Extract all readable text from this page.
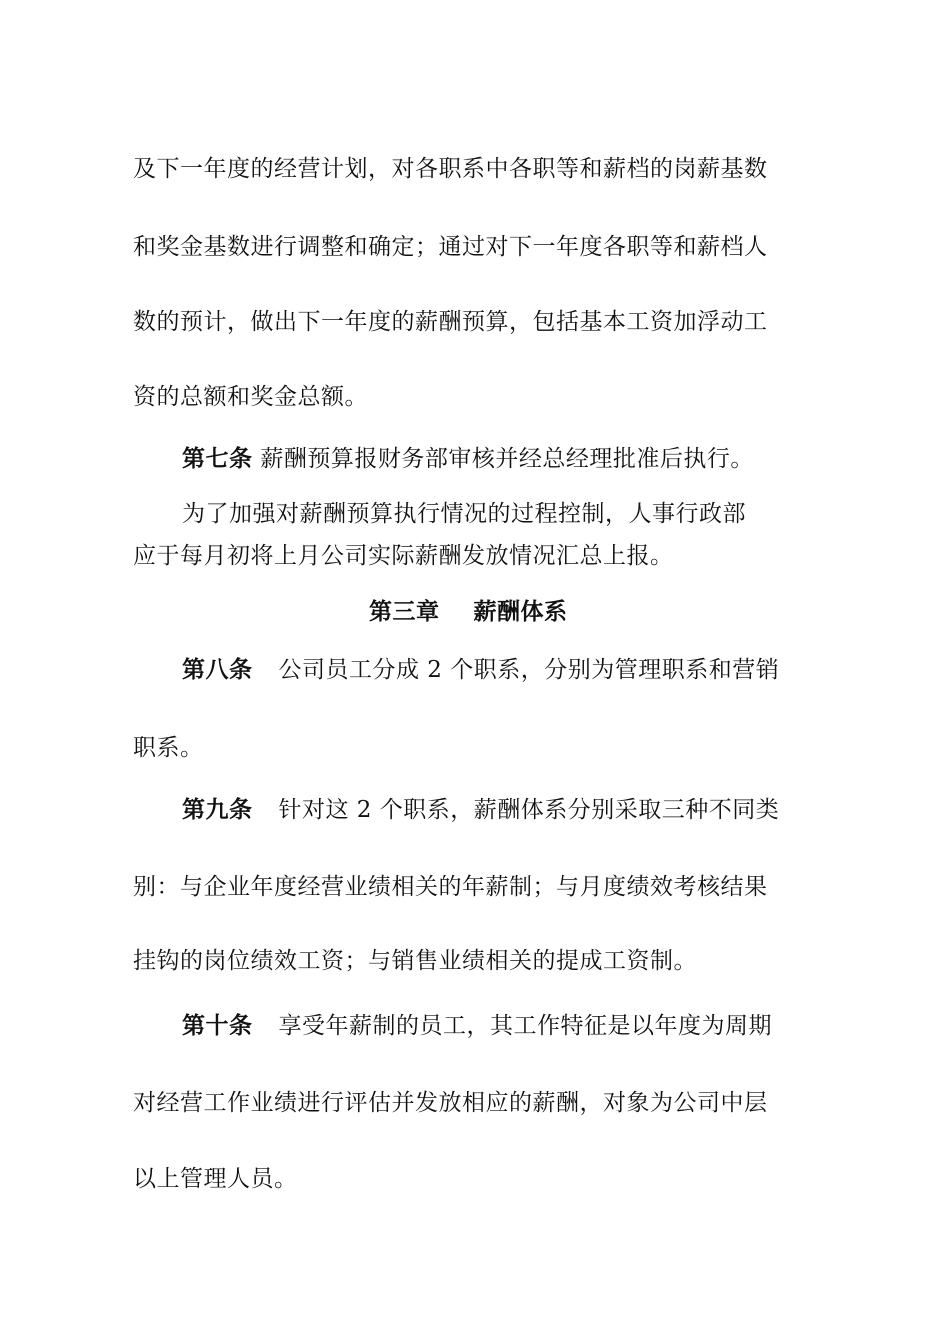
及下一年度的经营计划，对各职系中各职等和薪档的岗薪基数
和奖金基数进行调整和确定；通过对下一年度各职等和薪档人
数的预计，做出下一年度的薪酬预算，包括基本工资加浮动工
资的总额和奖金总额。
第七条 薪酬预算报财务部审核并经总经理批准后执行。
为了加强对薪酬预算执行情况的过程控制，人事行政部
应于每月初将上月公司实际薪酬发放情况汇总上报。
第三章    薪酬体系
第八条 公司员工分成 2 个职系，分别为管理职系和营销
职系。
第九条 针对这 2 个职系，薪酬体系分别采取三种不同类
别：与企业年度经营业绩相关的年薪制；与月度绩效考核结果
挂钩的岗位绩效工资；与销售业绩相关的提成工资制。
第十条 享受年薪制的员工，其工作特征是以年度为周期
对经营工作业绩进行评估并发放相应的薪酬，对象为公司中层
以上管理人员。
